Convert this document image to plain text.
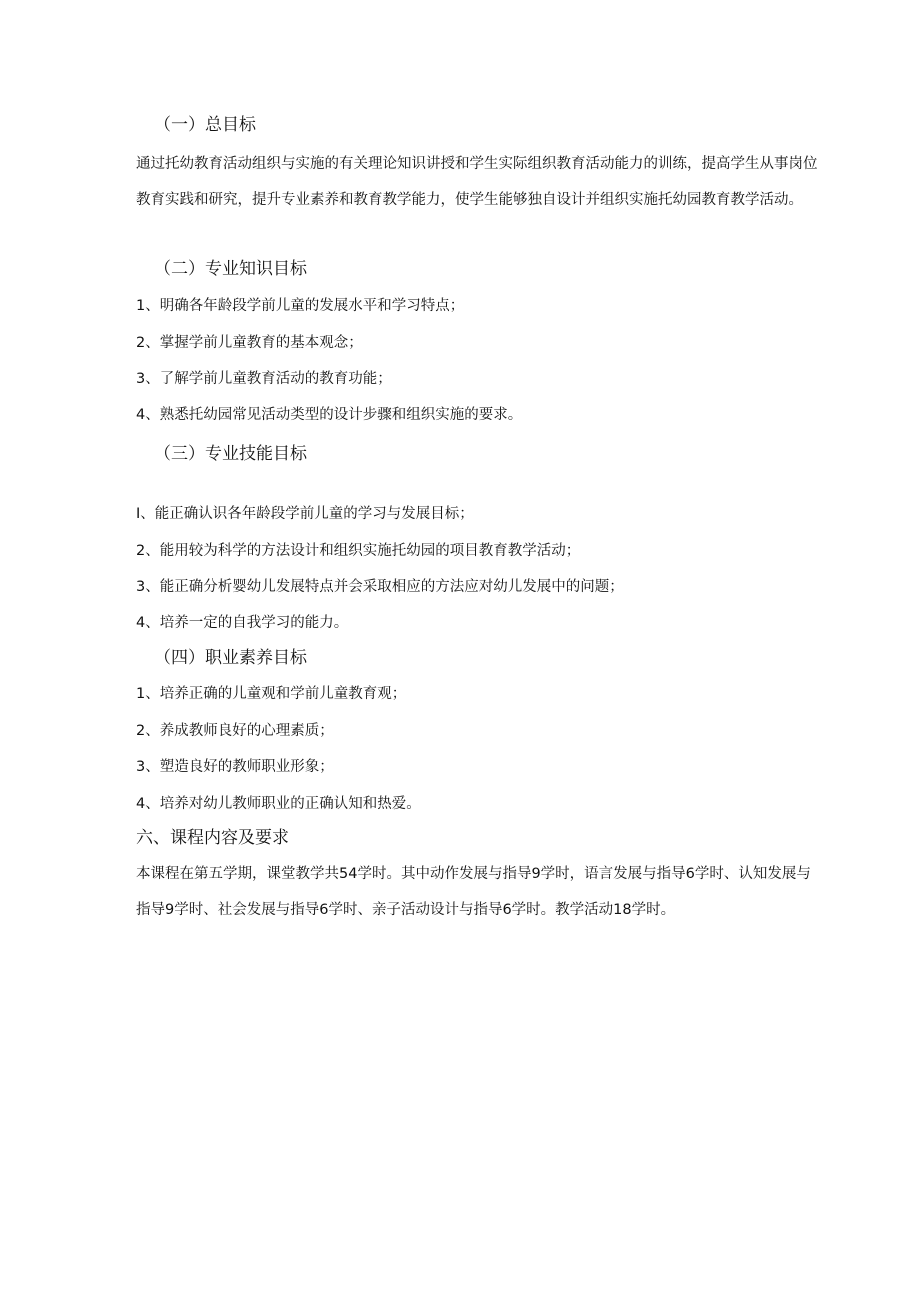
（一）总目标
通过托幼教育活动组织与实施的有关理论知识讲授和学生实际组织教育活动能力的训练，提高学生从事岗位教育实践和研究，提升专业素养和教育教学能力，使学生能够独自设计并组织实施托幼园教育教学活动。
（二）专业知识目标
1、明确各年龄段学前儿童的发展水平和学习特点；
2、掌握学前儿童教育的基本观念；
3、了解学前儿童教育活动的教育功能；
4、熟悉托幼园常见活动类型的设计步骤和组织实施的要求。
（三）专业技能目标
I、能正确认识各年龄段学前儿童的学习与发展目标；
2、能用较为科学的方法设计和组织实施托幼园的项目教育教学活动；
3、能正确分析婴幼儿发展特点并会采取相应的方法应对幼儿发展中的问题；
4、培养一定的自我学习的能力。
（四）职业素养目标
1、培养正确的儿童观和学前儿童教育观；
2、养成教师良好的心理素质；
3、塑造良好的教师职业形象；
4、培养对幼儿教师职业的正确认知和热爱。
六、课程内容及要求
本课程在第五学期，课堂教学共54学时。其中动作发展与指导9学时，语言发展与指导6学时、认知发展与指导9学时、社会发展与指导6学时、亲子活动设计与指导6学时。教学活动18学时。
